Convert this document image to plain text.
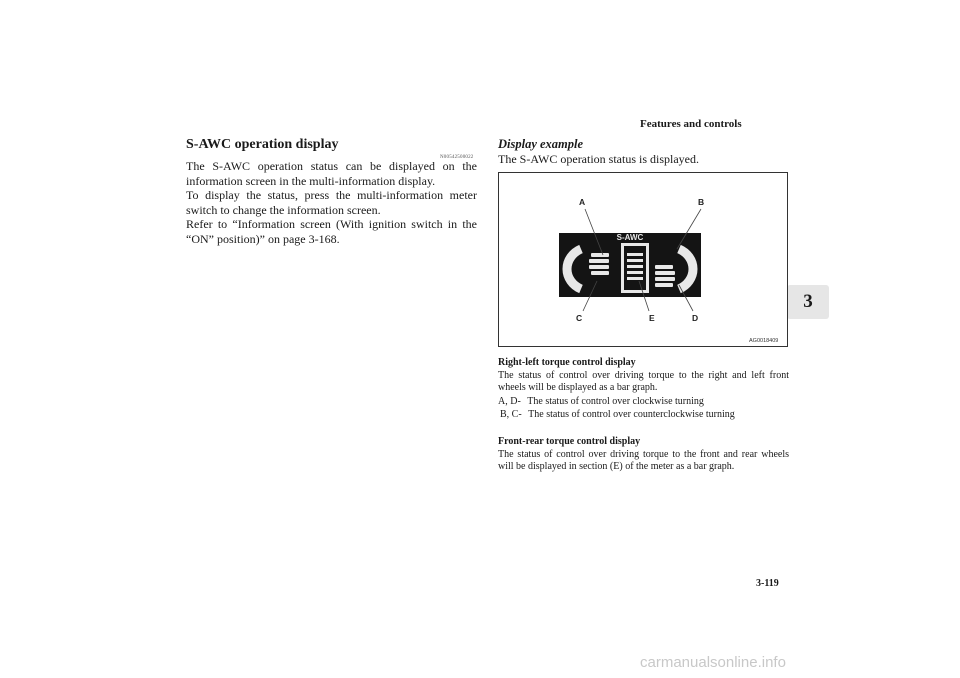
Features and controls
3
S-AWC operation display
N00542500022

The S-AWC operation status can be displayed on the information screen in the multi-information display.

To display the status, press the multi-information meter switch to change the information screen.

Refer to “Information screen (With ignition switch in the “ON” position)” on page 3-168.

Display example
The S-AWC operation status is displayed.
S-AWC
A	B
C	E	D
AG0018409
Right-left torque control display
The status of control over driving torque to the right and left front wheels will be displayed as a bar graph.
A, D- The status of control over clockwise turning
B, C- The status of control over counterclockwise turning
Front-rear torque control display
The status of control over driving torque to the front and rear wheels will be displayed in section (E) of the meter as a bar graph.
3-119
carmanualsonline.info
